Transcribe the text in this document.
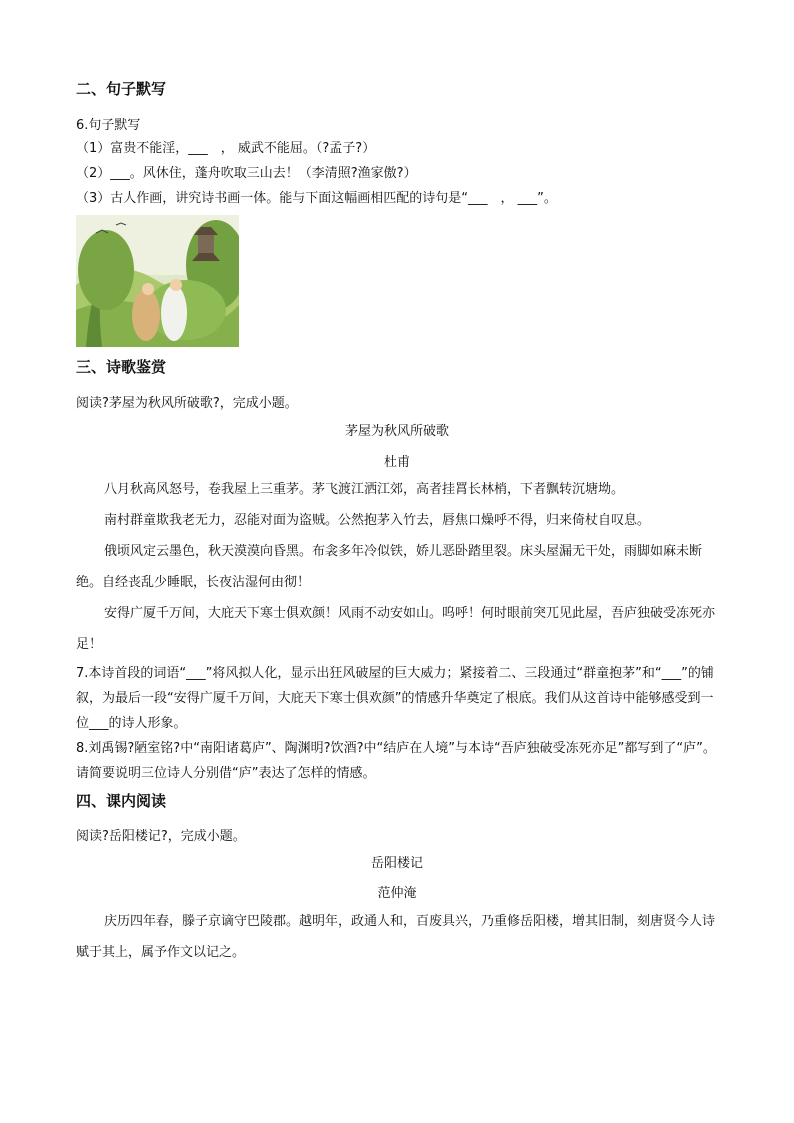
二、句子默写
6.句子默写
（1）富贵不能淫，___　， 威武不能屈。（?孟子?）
（2）___。风休住，蓬舟吹取三山去！（李清照?渔家傲?）
（3）古人作画，讲究诗书画一体。能与下面这幅画相匹配的诗句是“___　， ___”。
三、诗歌鉴赏
阅读?茅屋为秋风所破歌?，完成小题。
茅屋为秋风所破歌
杜甫
八月秋高风怒号，卷我屋上三重茅。茅飞渡江洒江郊，高者挂罥长林梢，下者飘转沉塘坳。
南村群童欺我老无力，忍能对面为盗贼。公然抱茅入竹去，唇焦口燥呼不得，归来倚杖自叹息。
俄顷风定云墨色，秋天漠漠向昏黑。布衾多年冷似铁，娇儿恶卧踏里裂。床头屋漏无干处，雨脚如麻未断绝。自经丧乱少睡眠，长夜沾湿何由彻！
安得广厦千万间，大庇天下寒士俱欢颜！风雨不动安如山。呜呼！何时眼前突兀见此屋，吾庐独破受冻死亦足！
7.本诗首段的词语“___”将风拟人化，显示出狂风破屋的巨大威力；紧接着二、三段通过“群童抱茅”和“___”的铺叙，为最后一段“安得广厦千万间，大庇天下寒士俱欢颜”的情感升华奠定了根底。我们从这首诗中能够感受到一位___的诗人形象。
8.刘禹锡?陋室铭?中“南阳诸葛庐”、陶渊明?饮酒?中“结庐在人境”与本诗“吾庐独破受冻死亦足”都写到了“庐”。请简要说明三位诗人分别借“庐”表达了怎样的情感。
四、课内阅读
阅读?岳阳楼记?，完成小题。
岳阳楼记
范仲淹
庆历四年春，滕子京谪守巴陵郡。越明年，政通人和，百废具兴，乃重修岳阳楼，增其旧制，刻唐贤今人诗赋于其上，属予作文以记之。
